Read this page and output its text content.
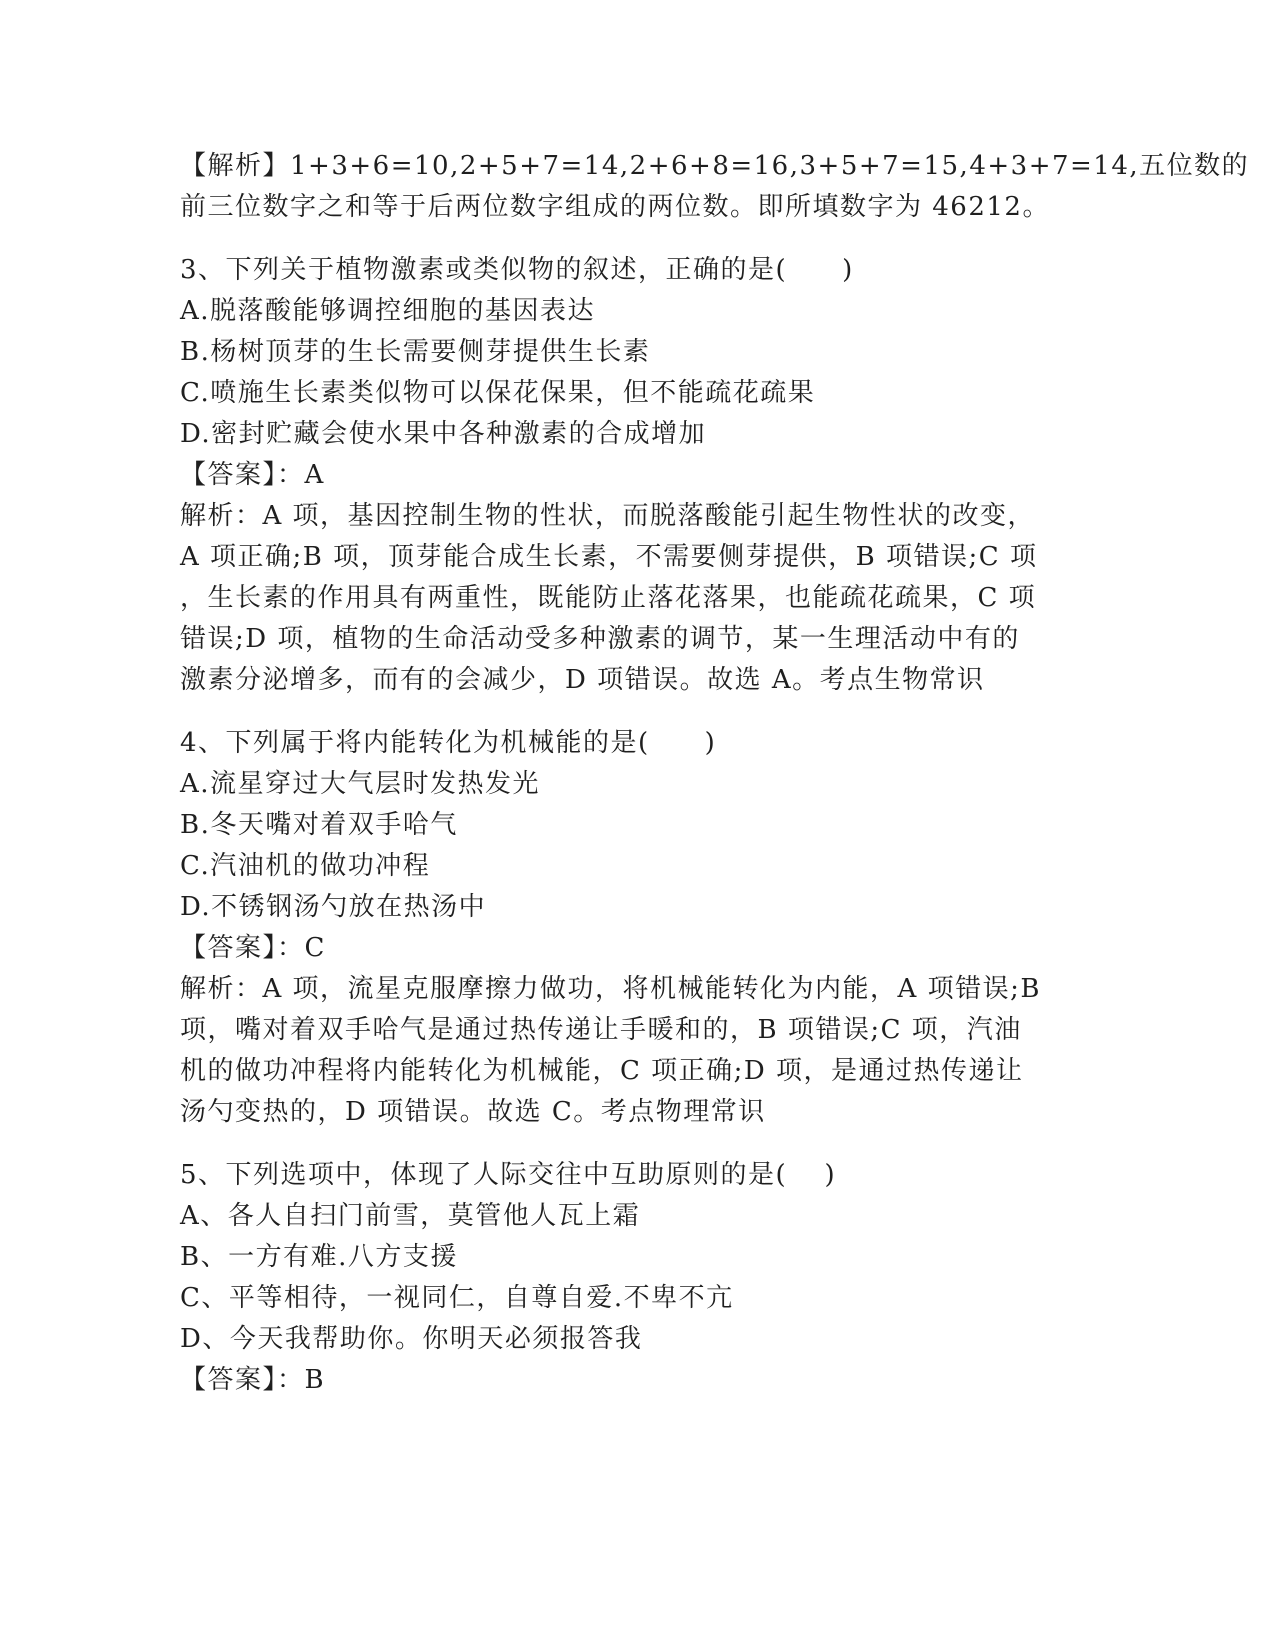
【解析】1+3+6=10,2+5+7=14,2+6+8=16,3+5+7=15,4+3+7=14,五位数的
前三位数字之和等于后两位数字组成的两位数。即所填数字为 46212。
3、下列关于植物激素或类似物的叙述，正确的是(　　)
A.脱落酸能够调控细胞的基因表达
B.杨树顶芽的生长需要侧芽提供生长素
C.喷施生长素类似物可以保花保果，但不能疏花疏果
D.密封贮藏会使水果中各种激素的合成增加
【答案】：A
解析：A 项，基因控制生物的性状，而脱落酸能引起生物性状的改变，
A 项正确;B 项，顶芽能合成生长素，不需要侧芽提供，B 项错误;C 项
，生长素的作用具有两重性，既能防止落花落果，也能疏花疏果，C 项
错误;D 项，植物的生命活动受多种激素的调节，某一生理活动中有的
激素分泌增多，而有的会减少，D 项错误。故选 A。考点生物常识
4、下列属于将内能转化为机械能的是(　　)
A.流星穿过大气层时发热发光
B.冬天嘴对着双手哈气
C.汽油机的做功冲程
D.不锈钢汤勺放在热汤中
【答案】：C
解析：A 项，流星克服摩擦力做功，将机械能转化为内能，A 项错误;B
项，嘴对着双手哈气是通过热传递让手暖和的，B 项错误;C 项，汽油
机的做功冲程将内能转化为机械能，C 项正确;D 项，是通过热传递让
汤勺变热的，D 项错误。故选 C。考点物理常识
5、下列选项中，体现了人际交往中互助原则的是(　 )
A、各人自扫门前雪，莫管他人瓦上霜
B、一方有难.八方支援
C、平等相待，一视同仁，自尊自爱.不卑不亢
D、今天我帮助你。你明天必须报答我
【答案】：B
